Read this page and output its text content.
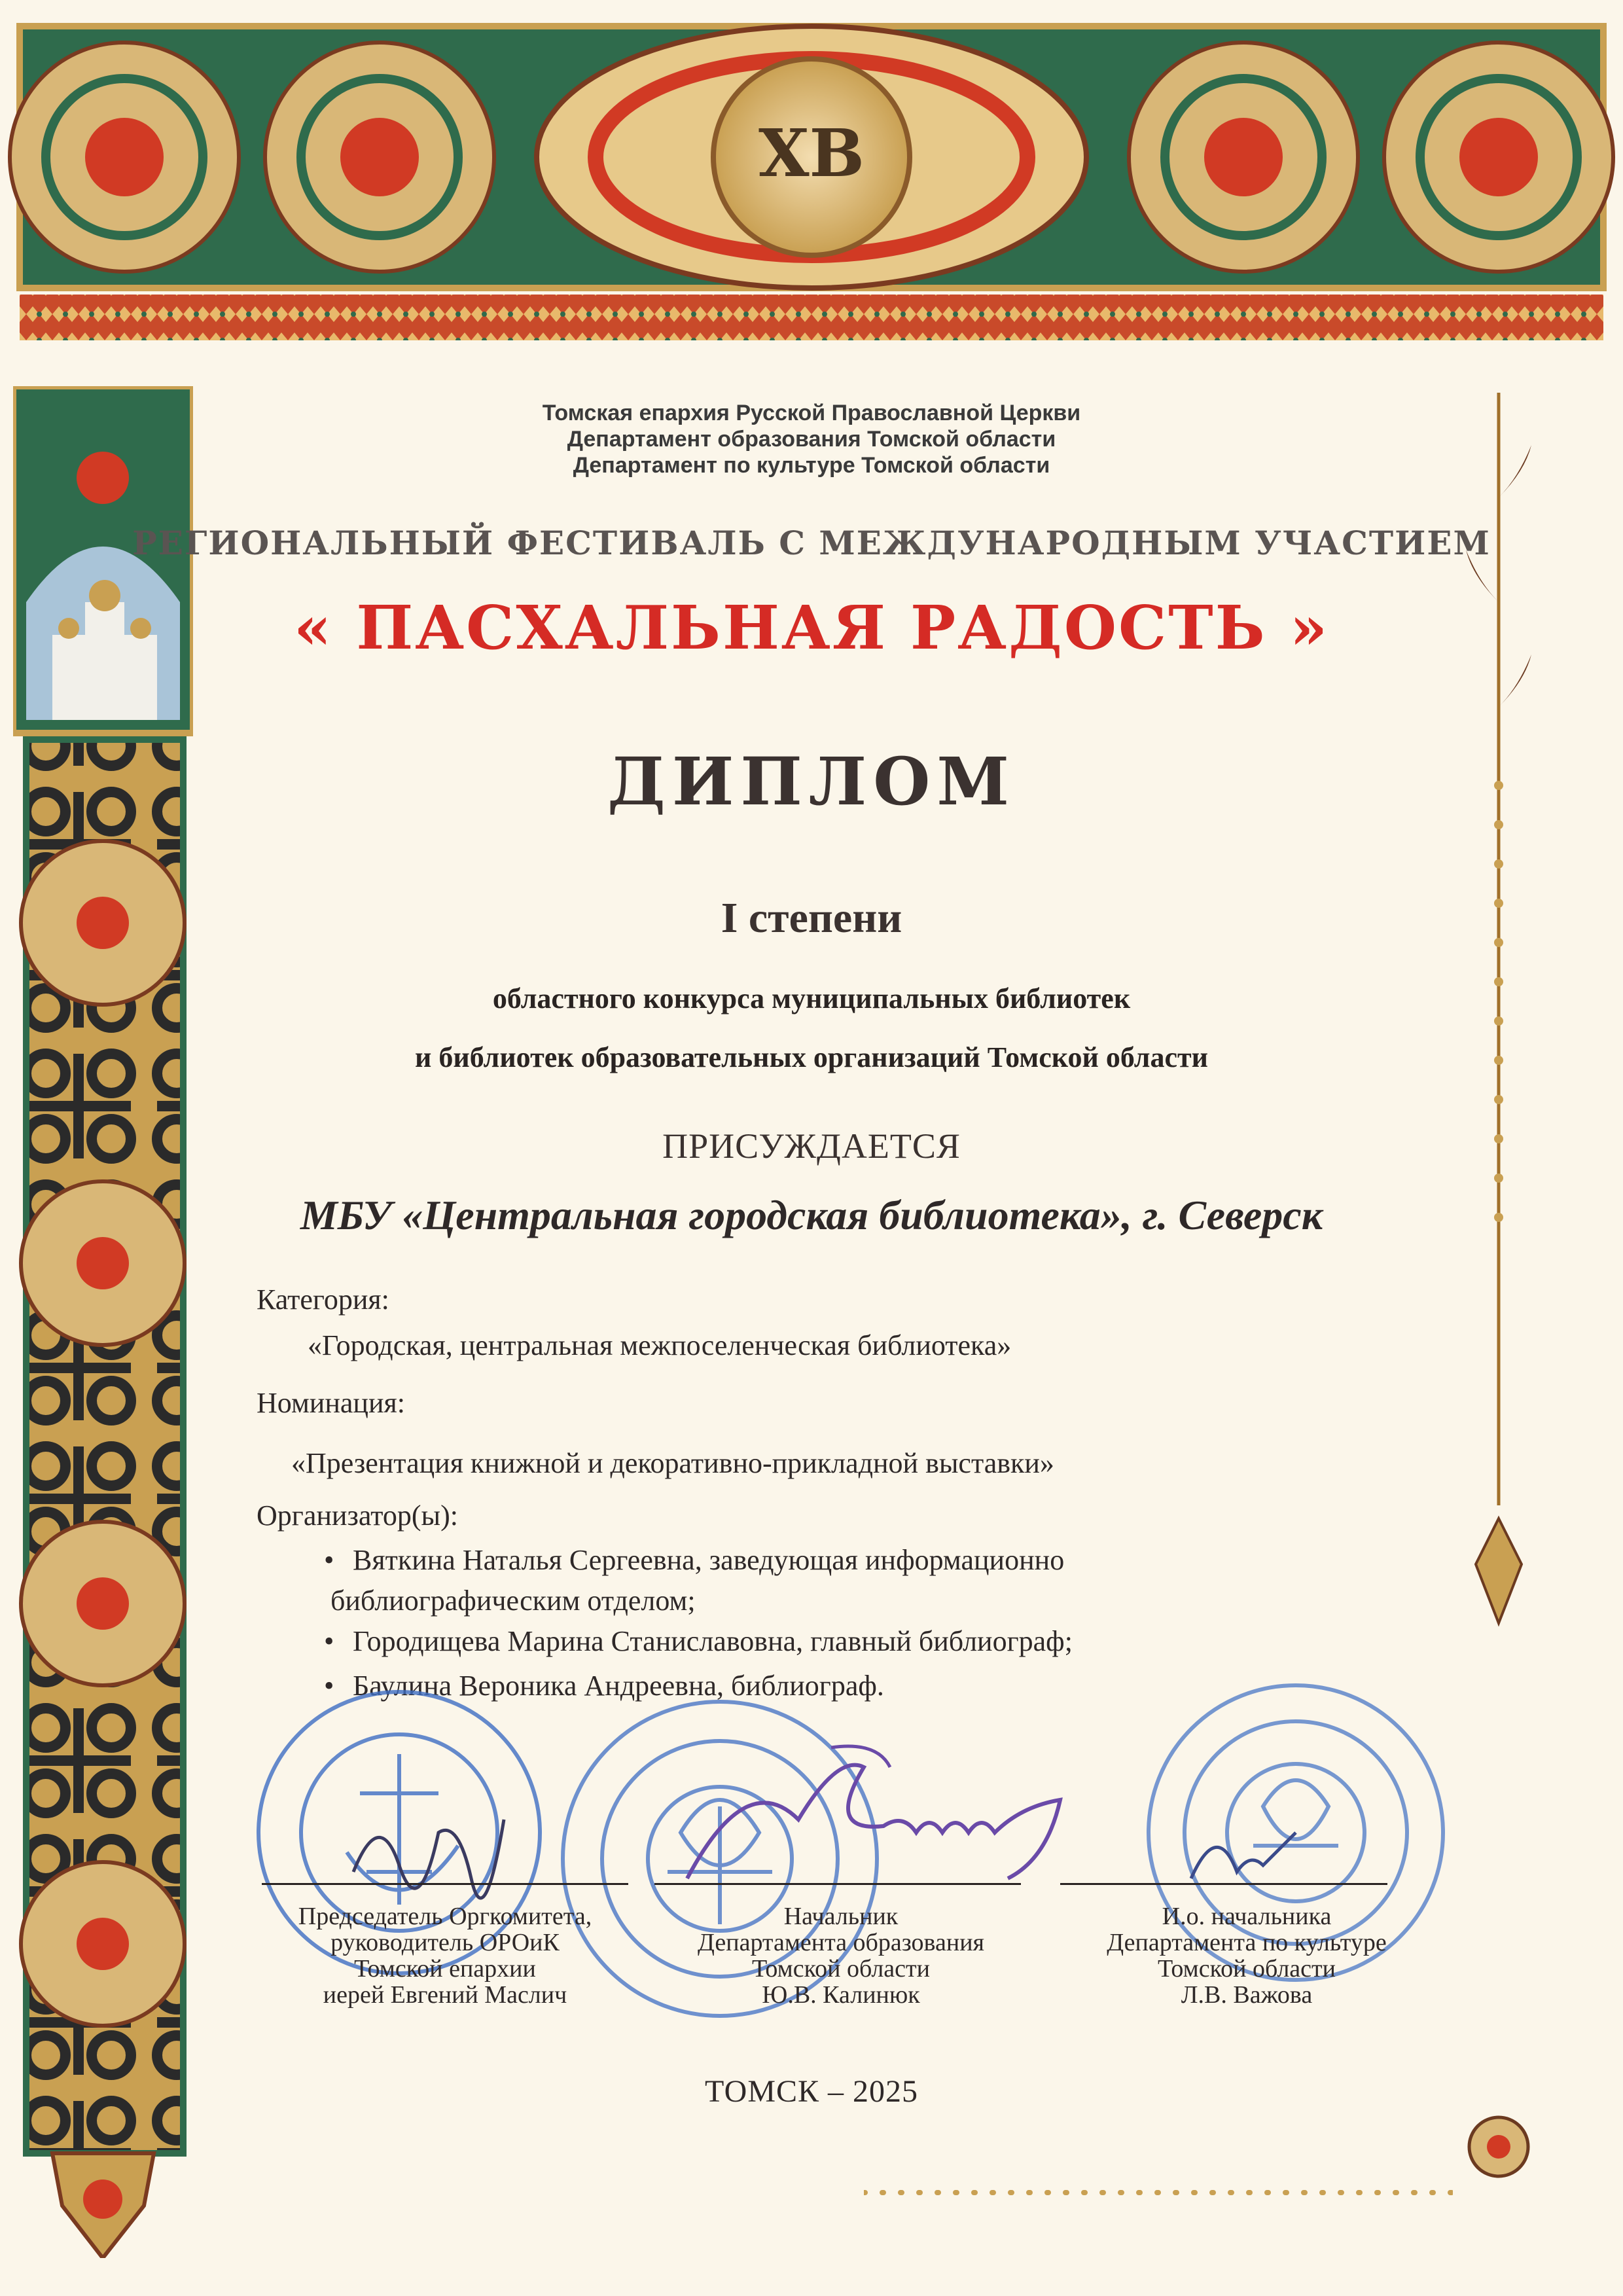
ХВ
Томская епархия Русской Православной Церкви
Департамент образования Томской области
Департамент по культуре Томской области
РЕГИОНАЛЬНЫЙ ФЕСТИВАЛЬ С МЕЖДУНАРОДНЫМ УЧАСТИЕМ
« ПАСХАЛЬНАЯ РАДОСТЬ »
ДИПЛОМ
I степени
областного конкурса муниципальных библиотек
и библиотек образовательных организаций Томской области
ПРИСУЖДАЕТСЯ
МБУ «Центральная городская библиотека», г. Северск
Категория:
«Городская, центральная межпоселенческая библиотека»
Номинация:
«Презентация книжной и декоративно-прикладной выставки»
Организатор(ы):
• Вяткина Наталья Сергеевна, заведующая информационно
библиографическим отделом;
• Городищева Марина Станиславовна, главный библиограф;
• Баулина Вероника Андреевна, библиограф.
Председатель Оргкомитета,
руководитель ОРОиК
Томской епархии
иерей Евгений Маслич
Начальник
Департамента образования
Томской области
Ю.В. Калинюк
И.о. начальника
Департамента по культуре
Томской области
Л.В. Важова
ТОМСК – 2025
